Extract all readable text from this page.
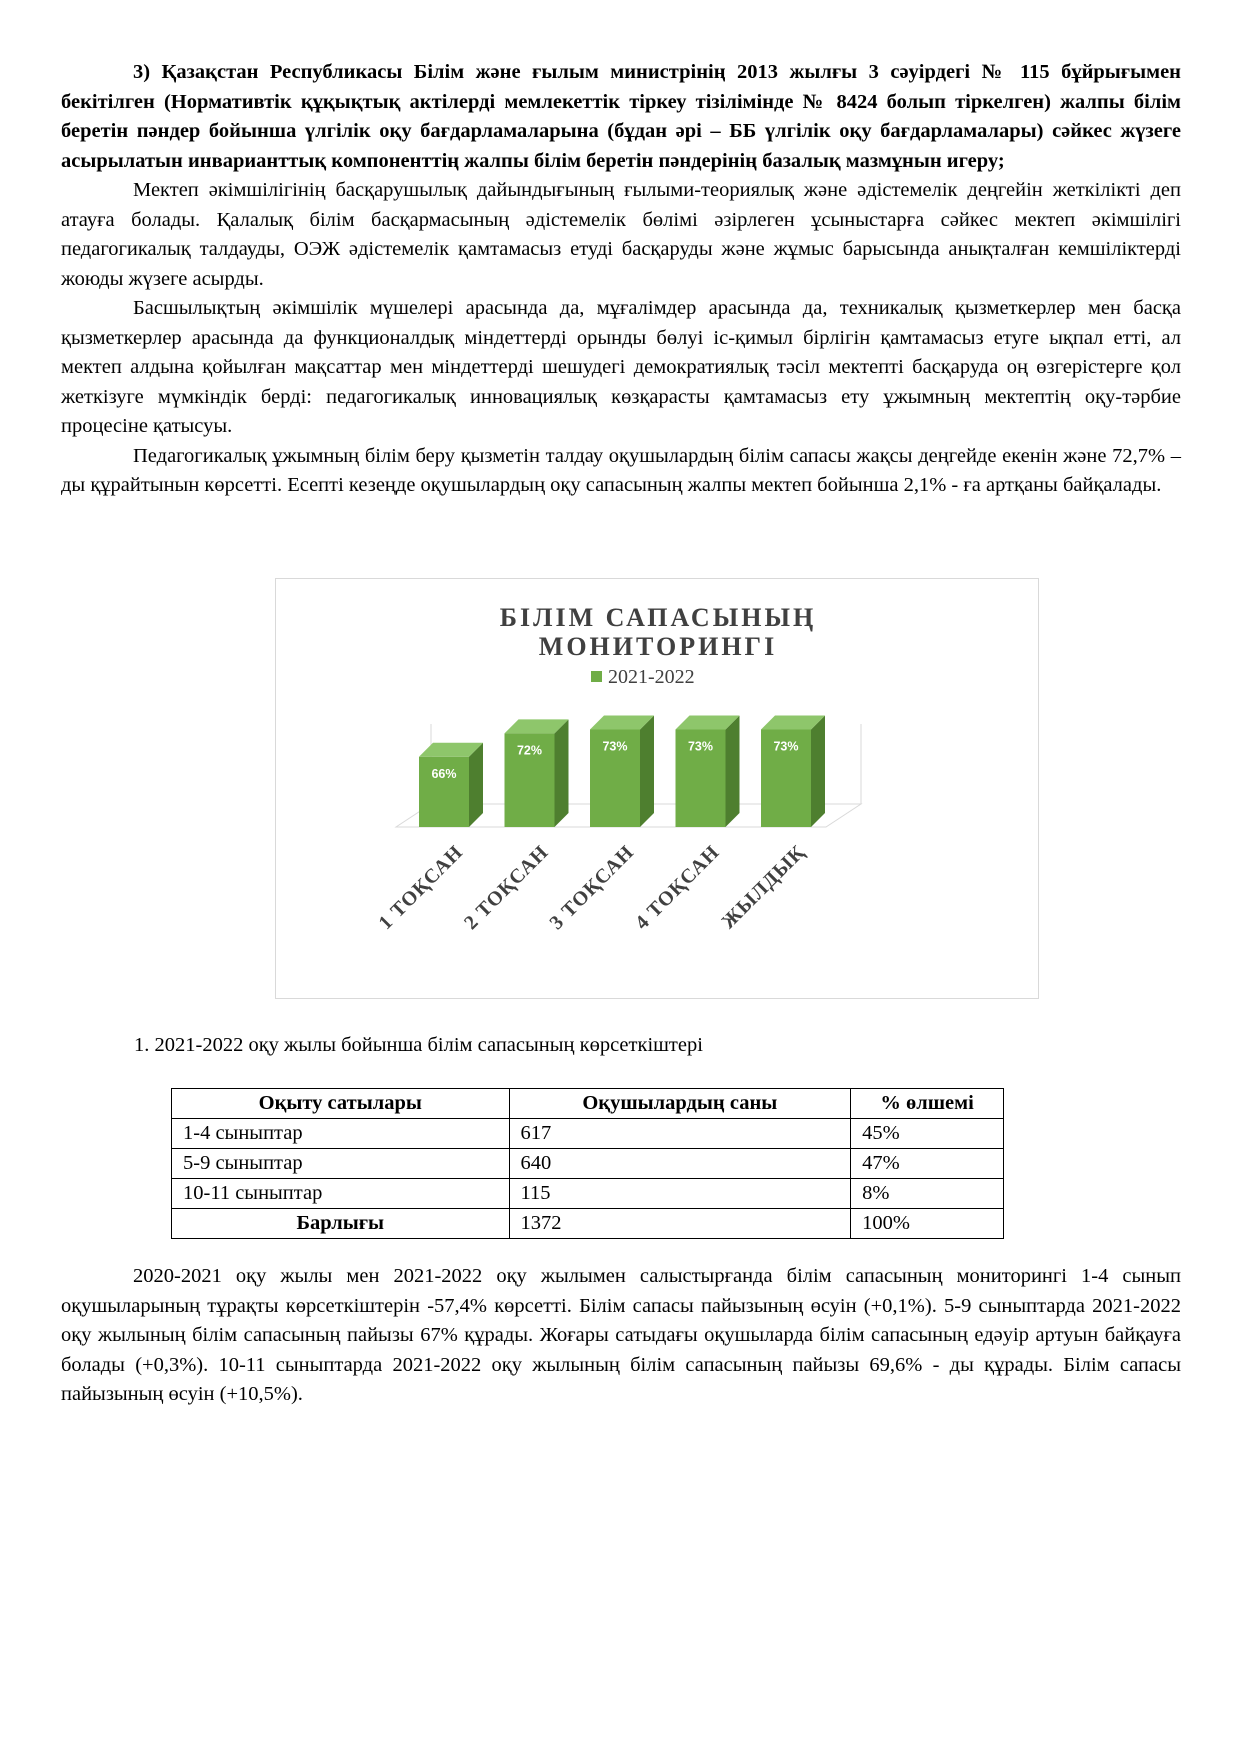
3) Қазақстан Республикасы Білім және ғылым министрінің 2013 жылғы 3 сәуірдегі № 115 бұйрығымен бекітілген (Нормативтік құқықтық актілерді мемлекеттік тіркеу тізілімінде № 8424 болып тіркелген) жалпы білім беретін пәндер бойынша үлгілік оқу бағдарламаларына (бұдан әрі – ББ үлгілік оқу бағдарламалары) сәйкес жүзеге асырылатын инварианттық компоненттің жалпы білім беретін пәндерінің базалық мазмұнын игеру;

Мектеп әкімшілігінің басқарушылық дайындығының ғылыми-теориялық және әдістемелік деңгейін жеткілікті деп атауға болады. Қалалық білім басқармасының әдістемелік бөлімі әзірлеген ұсыныстарға сәйкес мектеп әкімшілігі педагогикалық талдауды, ОЭЖ әдістемелік қамтамасыз етуді басқаруды және жұмыс барысында анықталған кемшіліктерді жоюды жүзеге асырды.

Басшылықтың әкімшілік мүшелері арасында да, мұғалімдер арасында да, техникалық қызметкерлер мен басқа қызметкерлер арасында да функционалдық міндеттерді орынды бөлуі іс-қимыл бірлігін қамтамасыз етуге ықпал етті, ал мектеп алдына қойылған мақсаттар мен міндеттерді шешудегі демократиялық тәсіл мектепті басқаруда оң өзгерістерге қол жеткізуге мүмкіндік берді: педагогикалық инновациялық көзқарасты қамтамасыз ету ұжымның мектептің оқу-тәрбие процесіне қатысуы.

Педагогикалық ұжымның білім беру қызметін талдау оқушылардың білім сапасы жақсы деңгейде екенін және 72,7% – ды құрайтынын көрсетті. Есепті кезеңде оқушылардың оқу сапасының жалпы мектеп бойынша 2,1% - ға артқаны байқалады.

БІЛІМ САПАСЫНЫҢ
МОНИТОРИНГІ
2021-2022
66%
72%	73%	73%	73%
1 ТОҚСАН
2 ТОҚСАН
3 ТОҚСАН
4 ТОҚСАН
ЖЫЛДЫҚ
1. 2021-2022 оқу жылы бойынша білім сапасының көрсеткіштері
Оқыту сатылары	Оқушылардың саны	% өлшемі
1-4 сыныптар	617	45%
5-9 сыныптар	640	47%
10-11 сыныптар	115	8%
Барлығы	1372	100%

2020-2021 оқу жылы мен 2021-2022 оқу жылымен салыстырғанда білім сапасының мониторингі 1-4 сынып оқушыларының тұрақты көрсеткіштерін -57,4% көрсетті. Білім сапасы пайызының өсуін (+0,1%). 5-9 сыныптарда 2021-2022 оқу жылының білім сапасының пайызы 67% құрады. Жоғары сатыдағы оқушыларда білім сапасының едәуір артуын байқауға болады (+0,3%). 10-11 сыныптарда 2021-2022 оқу жылының білім сапасының пайызы 69,6% - ды құрады. Білім сапасы пайызының өсуін (+10,5%).
